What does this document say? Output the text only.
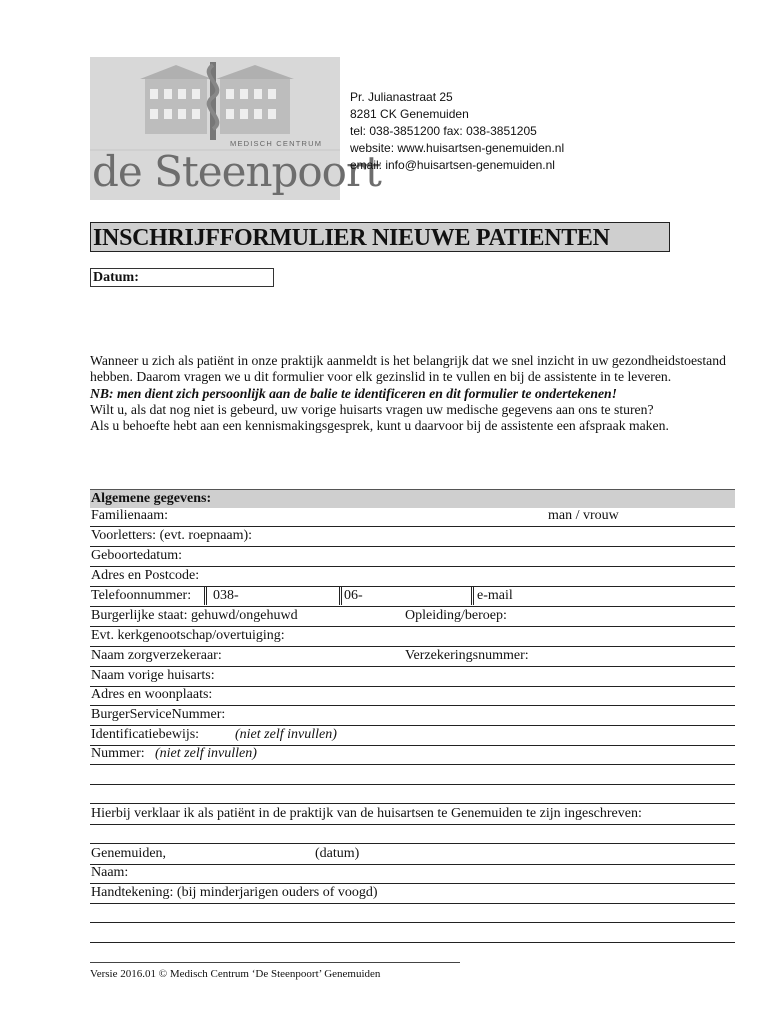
MEDISCH CENTRUM
de Steenpoort
Pr. Julianastraat 25
8281 CK Genemuiden
tel: 038-3851200 fax: 038-3851205
website: www.huisartsen-genemuiden.nl
email: info@huisartsen-genemuiden.nl
INSCHRIJFFORMULIER NIEUWE PATIENTEN
Datum:

Wanneer u zich als patiënt in onze praktijk aanmeldt is het belangrijk dat we snel inzicht in uw gezondheidstoestand hebben. Daarom vragen we u dit formulier voor elk gezinslid in te vullen en bij de assistente in te leveren.

NB: men dient zich persoonlijk aan de balie te identificeren en dit formulier te ondertekenen!

Wilt u, als dat nog niet is gebeurd, uw vorige huisarts vragen uw medische gegevens aan ons te sturen?

Als u behoefte hebt aan een kennismakingsgesprek, kunt u daarvoor bij de assistente een afspraak maken.

Algemene gegevens:
Familienaam:	man / vrouw
Voorletters: (evt. roepnaam):
Geboortedatum:
Adres en Postcode:
Telefoonnummer: 038-	06-	e-mail
Burgerlijke staat: gehuwd/ongehuwd	Opleiding/beroep:
Evt. kerkgenootschap/overtuiging:
Naam zorgverzekeraar:	Verzekeringsnummer:
Naam vorige huisarts:
Adres en woonplaats:
BurgerServiceNummer:
Identificatiebewijs:	(niet zelf invullen)
Nummer: (niet zelf invullen)
Hierbij verklaar ik als patiënt in de praktijk van de huisartsen te Genemuiden te zijn ingeschreven:
Genemuiden,	(datum)
Naam:
Handtekening: (bij minderjarigen ouders of voogd)
Versie 2016.01 © Medisch Centrum ‘De Steenpoort’ Genemuiden
